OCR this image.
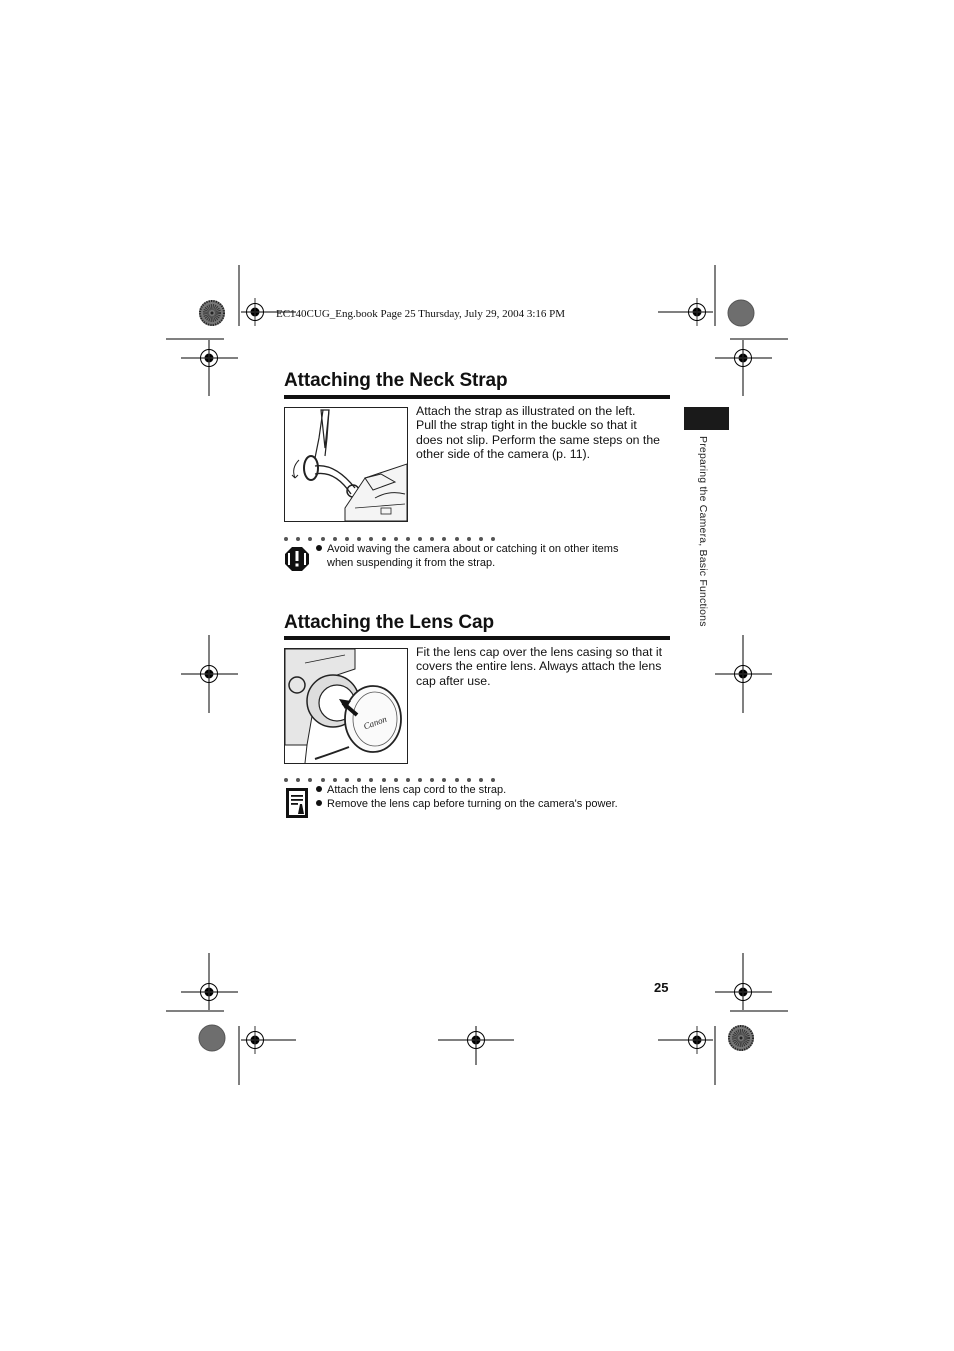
EC140CUG_Eng.book Page 25 Thursday, July 29, 2004 3:16 PM
Preparing the Camera, Basic Functions
Attaching the Neck Strap
Attach the strap as illustrated on the left.
Pull the strap tight in the buckle so that it
does not slip. Perform the same steps on the
other side of the camera (p. 11).
Avoid waving the camera about or catching it on other items
when suspending it from the strap.
Attaching the Lens Cap
Canon
Fit the lens cap over the lens casing so that it
covers the entire lens. Always attach the lens
cap after use.
Attach the lens cap cord to the strap.
Remove the lens cap before turning on the camera's power.
25
